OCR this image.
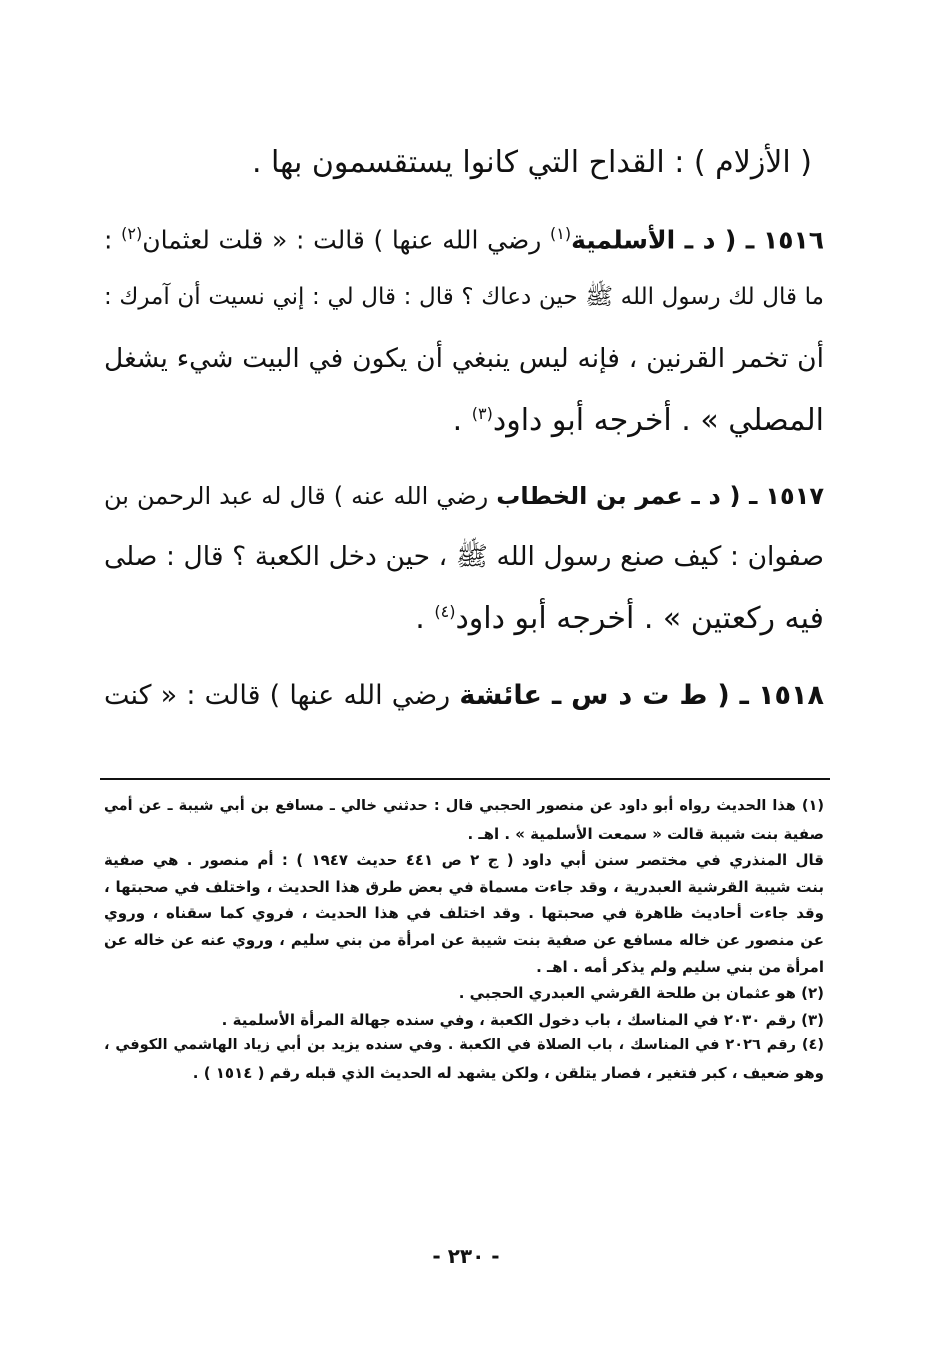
( الأزلام ) : القداح التي كانوا يستقسمون بها .
١٥١٦ ـ ( د ـ الأسلمية$^{(١)}$ رضي الله عنها ) قالت : « قلت لعثمان$^{(٢)}$ :
ما قال لك رسول الله ﷺ حين دعاك ؟ قال : قال لي : إني نسيت أن آمرك :
أن تخمر القرنين ، فإنه ليس ينبغي أن يكون في البيت شيء يشغل
المصلي » . أخرجه أبو داود$^{(٣)}$ .
١٥١٧ ـ ( د ـ عمر بن الخطاب رضي الله عنه ) قال له عبد الرحمن بن
صفوان : كيف صنع رسول الله ﷺ ، حين دخل الكعبة ؟ قال : صلى
فيه ركعتين » . أخرجه أبو داود$^{(٤)}$ .
١٥١٨ ـ ( ط ت د س ـ عائشة رضي الله عنها ) قالت : « كنت
(١) هذا الحديث رواه أبو داود عن منصور الحجبي قال : حدثني خالي ـ مسافع بن أبي شيبة ـ عن أمي
صفية بنت شيبة قالت « سمعت الأسلمية » . اهـ .
قال المنذري في مختصر سنن أبي داود ( ج ٢ ص ٤٤١ حديث ١٩٤٧ ) : أم منصور . هي صفية
بنت شيبة القرشية العبدرية ، وقد جاءت مسماة في بعض طرق هذا الحديث ، واختلف في صحبتها ،
وقد جاءت أحاديث ظاهرة في صحبتها . وقد اختلف في هذا الحديث ، فروي كما سقناه ، وروي
عن منصور عن خاله مسافع عن صفية بنت شيبة عن امرأة من بني سليم ، وروي عنه عن خاله عن
امرأة من بني سليم ولم يذكر أمه . اهـ .
(٢) هو عثمان بن طلحة القرشي العبدري الحجبي .
(٣) رقم ٢٠٣٠ في المناسك ، باب دخول الكعبة ، وفي سنده جهالة المرأة الأسلمية .
(٤) رقم ٢٠٢٦ في المناسك ، باب الصلاة في الكعبة . وفي سنده يزيد بن أبي زياد الهاشمي الكوفي ،
وهو ضعيف ، كبر فتغير ، فصار يتلقن ، ولكن يشهد له الحديث الذي قبله رقم ( ١٥١٤ ) .
- ٢٣٠ -
